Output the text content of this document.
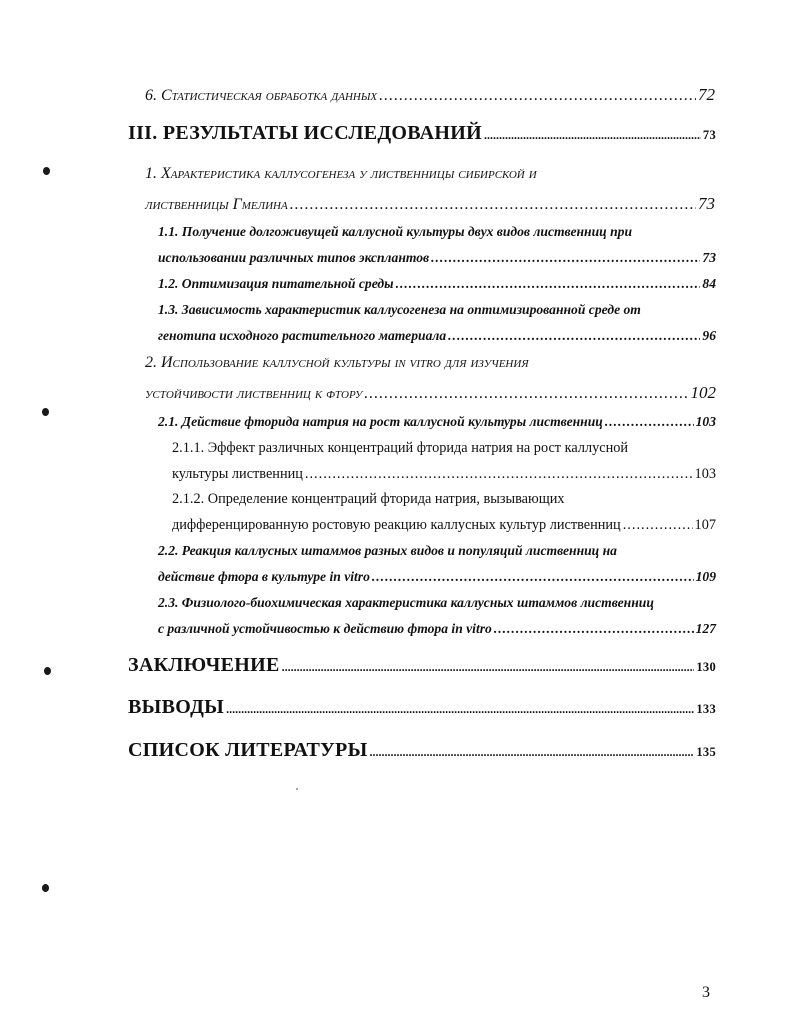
6. Статистическая обработка данных .....	72
III. РЕЗУЛЬТАТЫ ИССЛЕДОВАНИЙ .....	73
1. Характеристика каллусогенеза у лиственницы сибирской и
лиственницы Гмелина .....	73
1.1. Получение долгоживущей каллусной культуры двух видов лиственниц при
использовании различных типов эксплантов .....	73
1.2. Оптимизация питательной среды .....	84
1.3. Зависимость характеристик каллусогенеза на оптимизированной среде от
генотипа исходного растительного материала .....	96
2. Использование каллусной культуры in vitro для изучения
устойчивости лиственниц к фтору .....	102
2.1. Действие фторида натрия на рост каллусной культуры лиственниц .....	103
2.1.1. Эффект различных концентраций фторида натрия на рост каллусной
культуры лиственниц .....	103
2.1.2. Определение концентраций фторида натрия, вызывающих
дифференцированную ростовую реакцию каллусных культур лиственниц .....	107
2.2. Реакция каллусных штаммов разных видов и популяций лиственниц на
действие фтора в культуре in vitro .....	109
2.3. Физиолого-биохимическая характеристика каллусных штаммов лиственниц
с различной устойчивостью к действию фтора in vitro .....	127
ЗАКЛЮЧЕНИЕ .....	130
ВЫВОДЫ .....	133
СПИСОК ЛИТЕРАТУРЫ .....	135
3
